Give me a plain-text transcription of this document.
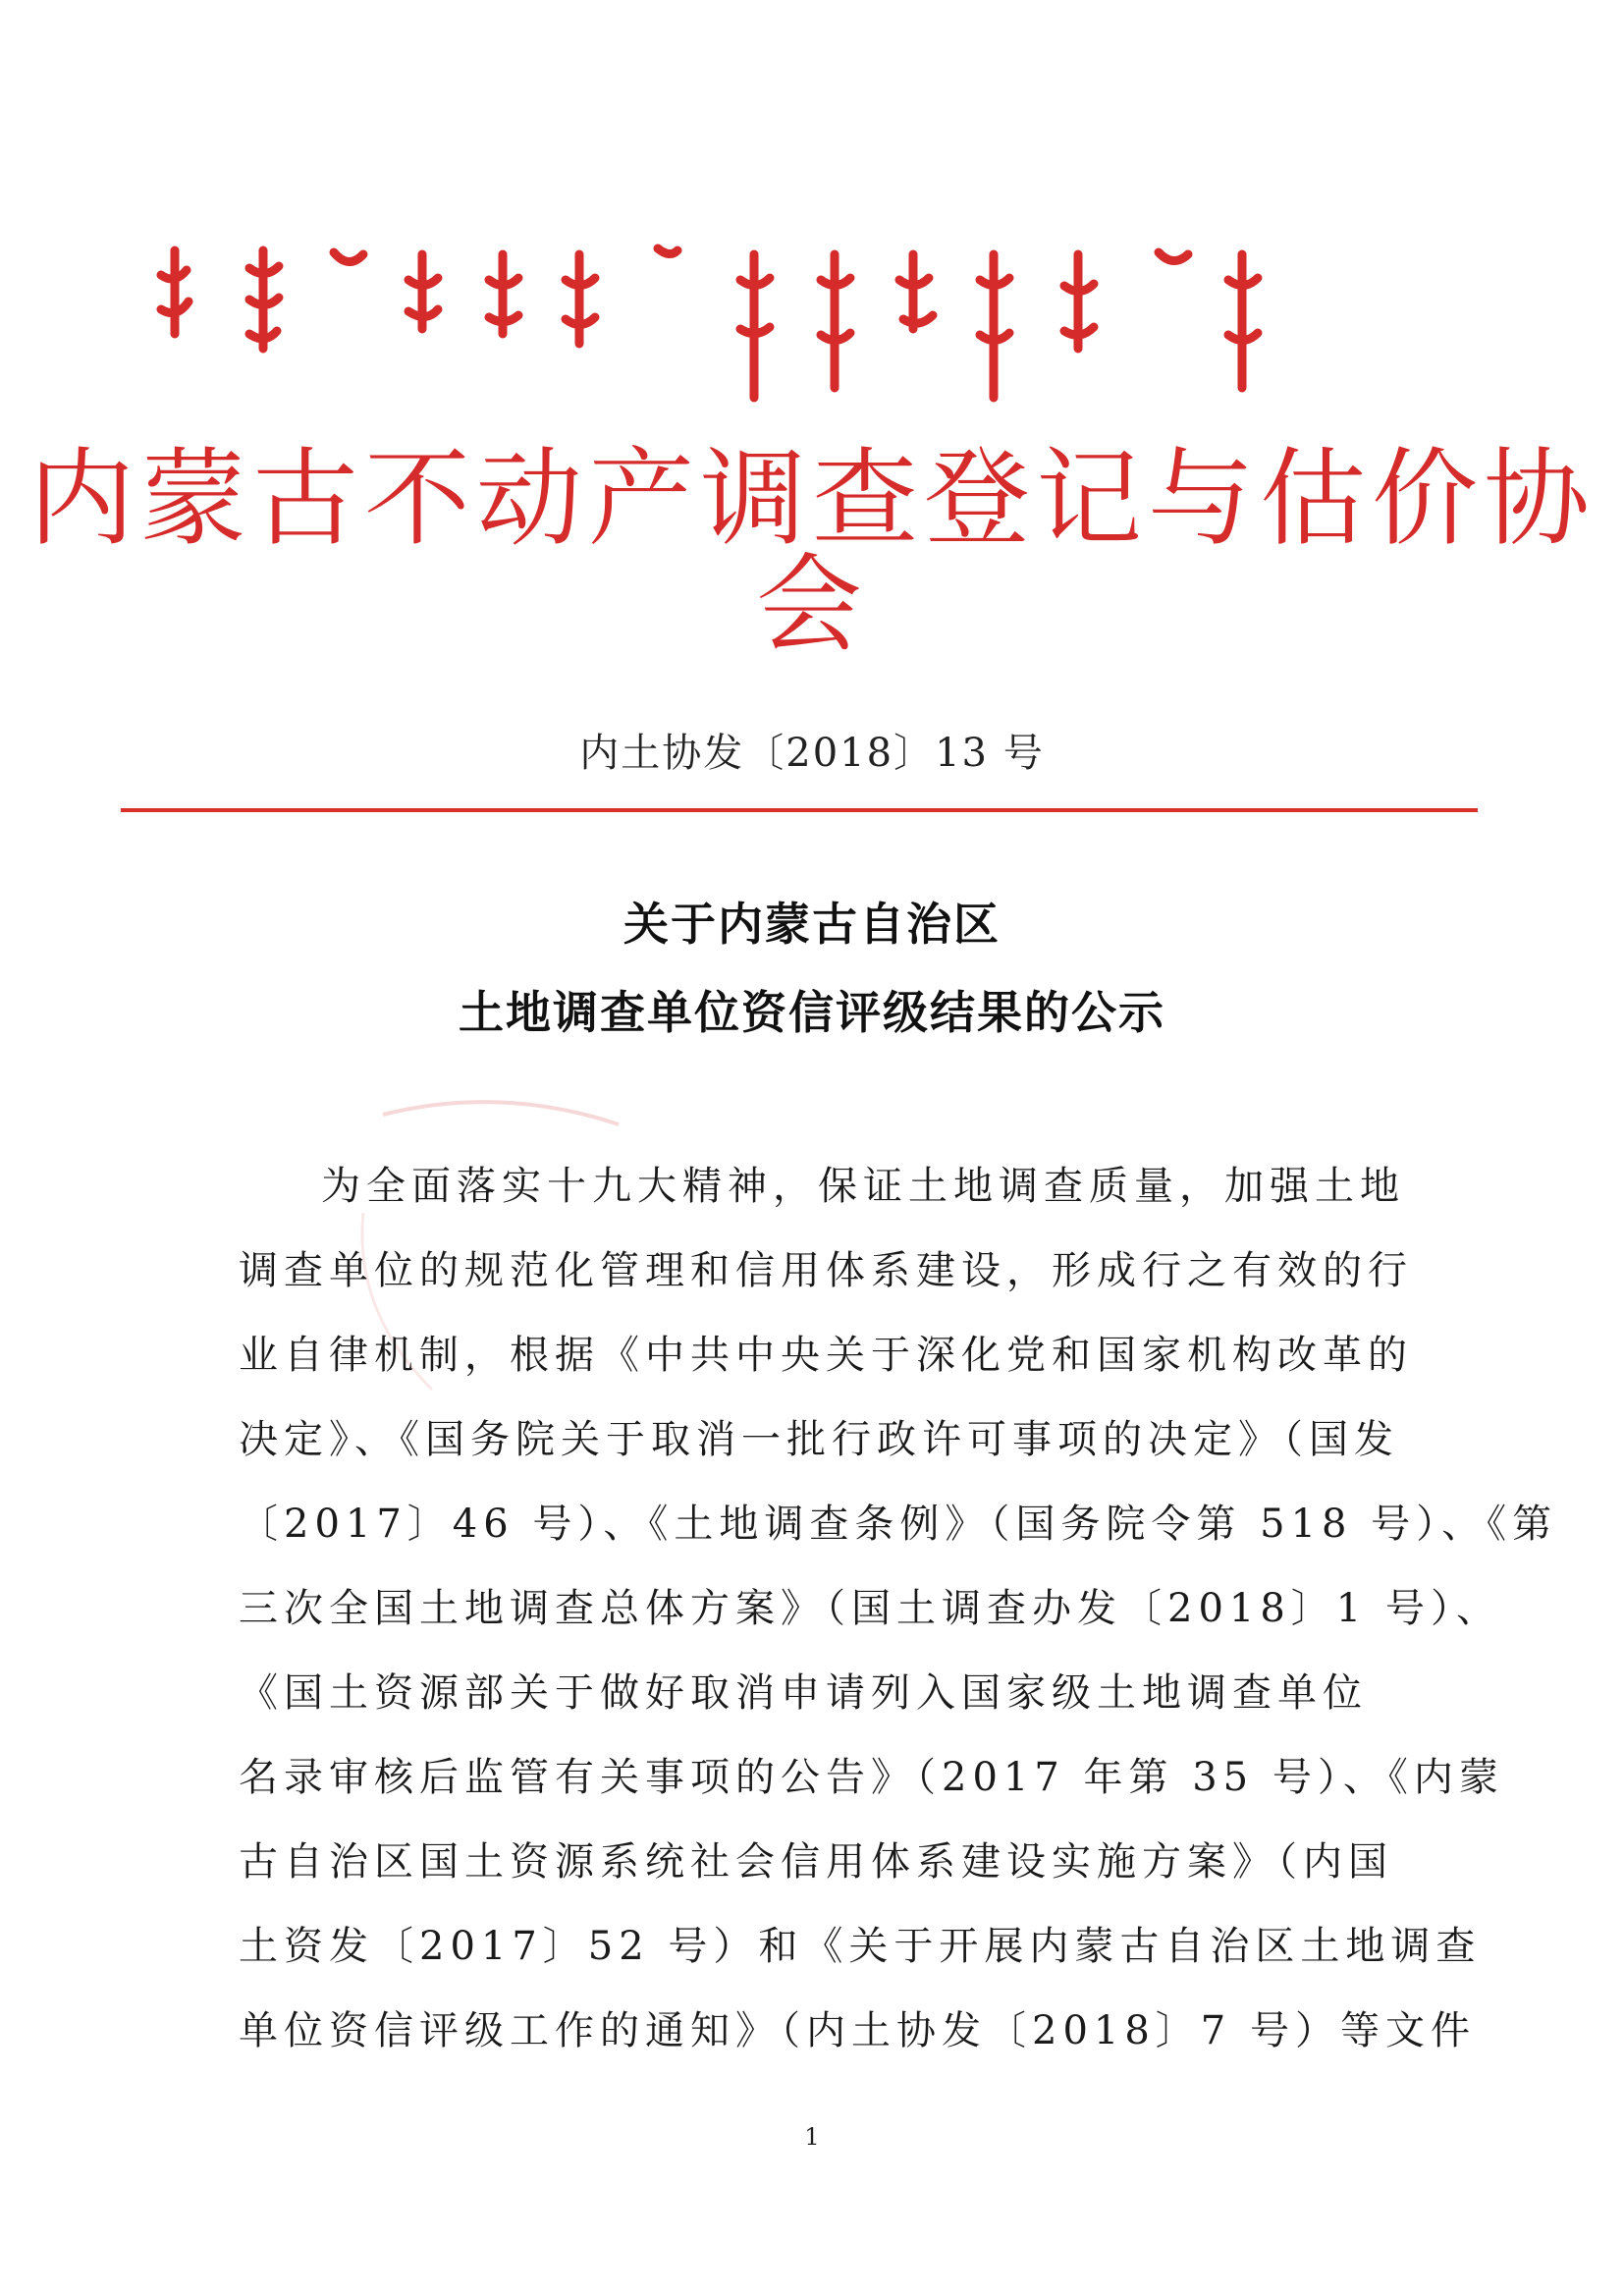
内蒙古不动产调查登记与估价协会
内土协发〔2018〕13 号
关于内蒙古自治区
土地调查单位资信评级结果的公示
为全面落实十九大精神，保证土地调查质量，加强土地
调查单位的规范化管理和信用体系建设，形成行之有效的行
业自律机制，根据《中共中央关于深化党和国家机构改革的
决定》、《国务院关于取消一批行政许可事项的决定》（国发
〔2017〕46 号）、《土地调查条例》（国务院令第 518 号）、《第
三次全国土地调查总体方案》（国土调查办发〔2018〕1 号）、
《国土资源部关于做好取消申请列入国家级土地调查单位
名录审核后监管有关事项的公告》（2017 年第 35 号）、《内蒙
古自治区国土资源系统社会信用体系建设实施方案》（内国
土资发〔2017〕52 号）和《关于开展内蒙古自治区土地调查
单位资信评级工作的通知》（内土协发〔2018〕7 号）等文件
1
